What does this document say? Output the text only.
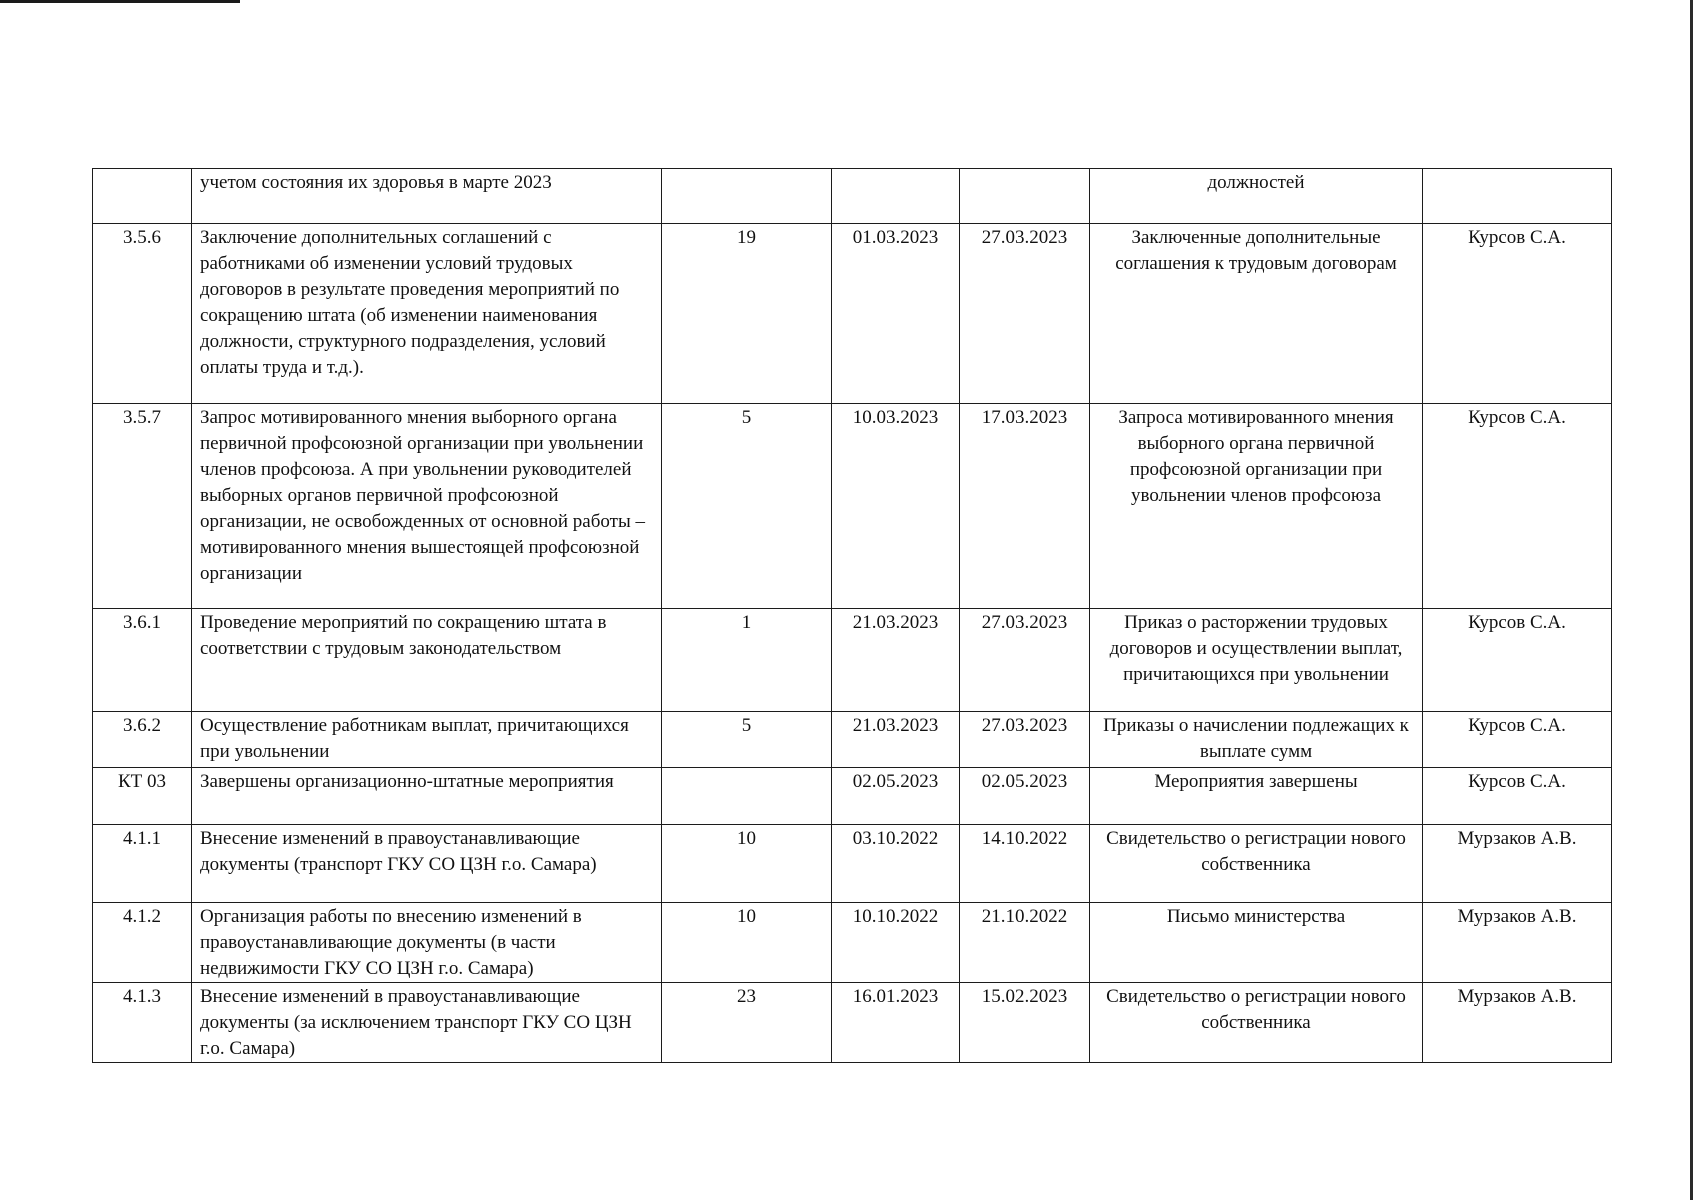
	учетом состояния их здоровья в марте 2023				должностей	
3.5.6	Заключение дополнительных соглашений с работниками об изменении условий трудовых договоров в результате проведения мероприятий по сокращению штата (об изменении наименования должности, структурного подразделения, условий оплаты труда и т.д.).	19	01.03.2023	27.03.2023	Заключенные дополнительные соглашения к трудовым договорам	Курсов С.А.
3.5.7	Запрос мотивированного мнения выборного органа первичной профсоюзной организации при увольнении членов профсоюза. А при увольнении руководителей выборных органов первичной профсоюзной организации, не освобожденных от основной работы – мотивированного мнения вышестоящей профсоюзной организации	5	10.03.2023	17.03.2023	Запроса мотивированного мнения выборного органа первичной профсоюзной организации при увольнении членов профсоюза	Курсов С.А.
3.6.1	Проведение мероприятий по сокращению штата в соответствии с трудовым законодательством	1	21.03.2023	27.03.2023	Приказ о расторжении трудовых договоров и осуществлении выплат, причитающихся при увольнении	Курсов С.А.
3.6.2	Осуществление работникам выплат, причитающихся при увольнении	5	21.03.2023	27.03.2023	Приказы о начислении подлежащих к выплате сумм	Курсов С.А.
КТ 03	Завершены организационно-штатные мероприятия		02.05.2023	02.05.2023	Мероприятия завершены	Курсов С.А.
4.1.1	Внесение изменений в правоустанавливающие документы (транспорт ГКУ СО ЦЗН г.о. Самара)	10	03.10.2022	14.10.2022	Свидетельство о регистрации нового собственника	Мурзаков А.В.
4.1.2	Организация работы по внесению изменений в правоустанавливающие документы (в части недвижимости ГКУ СО ЦЗН г.о. Самара)	10	10.10.2022	21.10.2022	Письмо министерства	Мурзаков А.В.
4.1.3	Внесение изменений в правоустанавливающие документы (за исключением транспорт ГКУ СО ЦЗН г.о. Самара)	23	16.01.2023	15.02.2023	Свидетельство о регистрации нового собственника	Мурзаков А.В.
